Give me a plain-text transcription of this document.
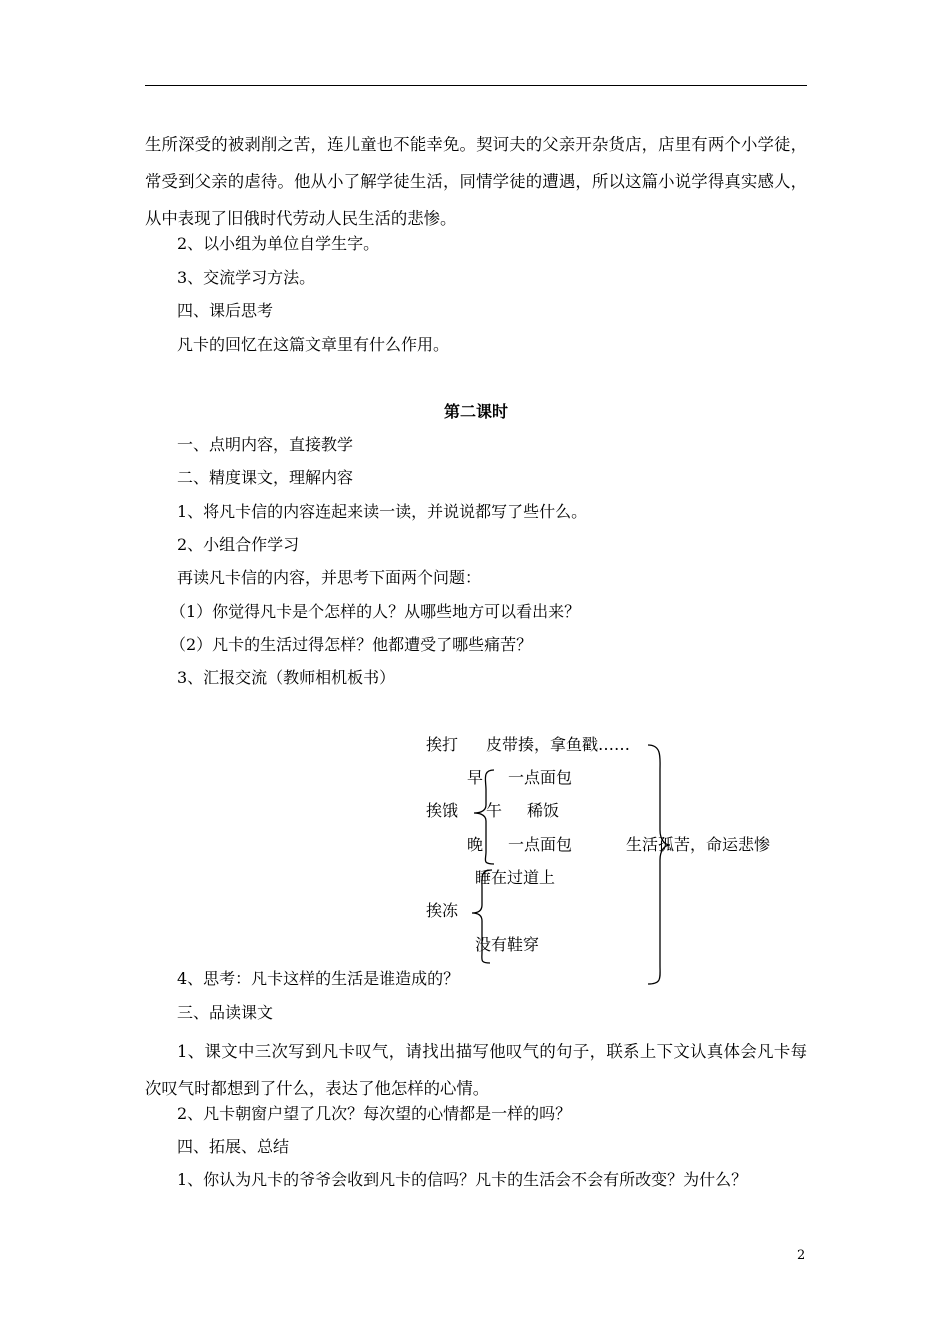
生所深受的被剥削之苦，连儿童也不能幸免。契诃夫的父亲开杂货店，店里有两个小学徒，常受到父亲的虐待。他从小了解学徒生活，同情学徒的遭遇，所以这篇小说学得真实感人，从中表现了旧俄时代劳动人民生活的悲惨。
2、以小组为单位自学生字。
3、交流学习方法。
四、课后思考
凡卡的回忆在这篇文章里有什么作用。
第二课时
一、点明内容，直接教学
二、精度课文，理解内容
1、将凡卡信的内容连起来读一读，并说说都写了些什么。
2、小组合作学习
再读凡卡信的内容，并思考下面两个问题：
（1）你觉得凡卡是个怎样的人？从哪些地方可以看出来？
（2）凡卡的生活过得怎样？他都遭受了哪些痛苦？
3、汇报交流（教师相机板书）
挨打 皮带揍，拿鱼戳……
早 一点面包
挨饿 午 稀饭
晚 一点面包	生活孤苦，命运悲惨
睡在过道上
挨冻
没有鞋穿
4、思考：凡卡这样的生活是谁造成的？
三、品读课文
1、课文中三次写到凡卡叹气，请找出描写他叹气的句子，联系上下文认真体会凡卡每次叹气时都想到了什么，表达了他怎样的心情。
2、凡卡朝窗户望了几次？每次望的心情都是一样的吗？
四、拓展、总结
1、你认为凡卡的爷爷会收到凡卡的信吗？凡卡的生活会不会有所改变？为什么？
2
